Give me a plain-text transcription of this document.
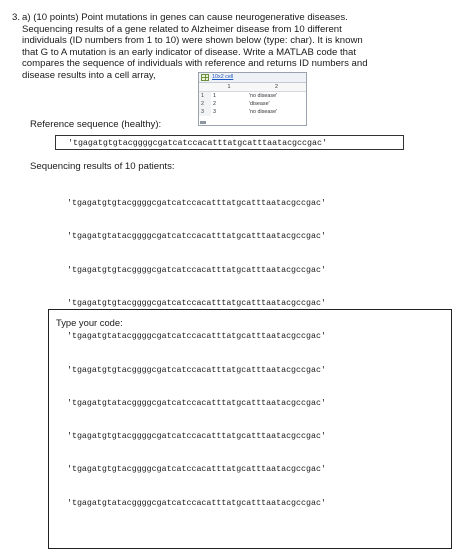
3. a) (10 points) Point mutations in genes can cause neurogenerative diseases.

Sequencing results of a gene related to Alzheimer disease from 10 different

individuals (ID numbers from 1 to 10) were shown below (type: char). It is known

that G to A mutation is an early indicator of disease. Write a MATLAB code that

compares the sequence of individuals with reference and returns ID numbers and

disease results into a cell array,	10x2 cell
	1	2
1	1	'no disease'
2	2	'disease'
3	3	'no disease'
Reference sequence (healthy):
'tgagatgtgtacggggcgatcatccacatttatgcatttaatacgccgac'
Sequencing results of 10 patients:

'tgagatgtgtacggggcgatcatccacatttatgcatttaatacgccgac'

'tgagatgtatacggggcgatcatccacatttatgcatttaatacgccgac'

'tgagatgtgtacggggcgatcatccacatttatgcatttaatacgccgac'

'tgagatgtgtacggggcgatcatccacatttatgcatttaatacgccgac'

'tgagatgtatacggggcgatcatccacatttatgcatttaatacgccgac'

'tgagatgtgtacggggcgatcatccacatttatgcatttaatacgccgac'

'tgagatgtatacggggcgatcatccacatttatgcatttaatacgccgac'

'tgagatgtgtacggggcgatcatccacatttatgcatttaatacgccgac'

'tgagatgtgtacggggcgatcatccacatttatgcatttaatacgccgac'

'tgagatgtatacggggcgatcatccacatttatgcatttaatacgccgac'

Type your code:
